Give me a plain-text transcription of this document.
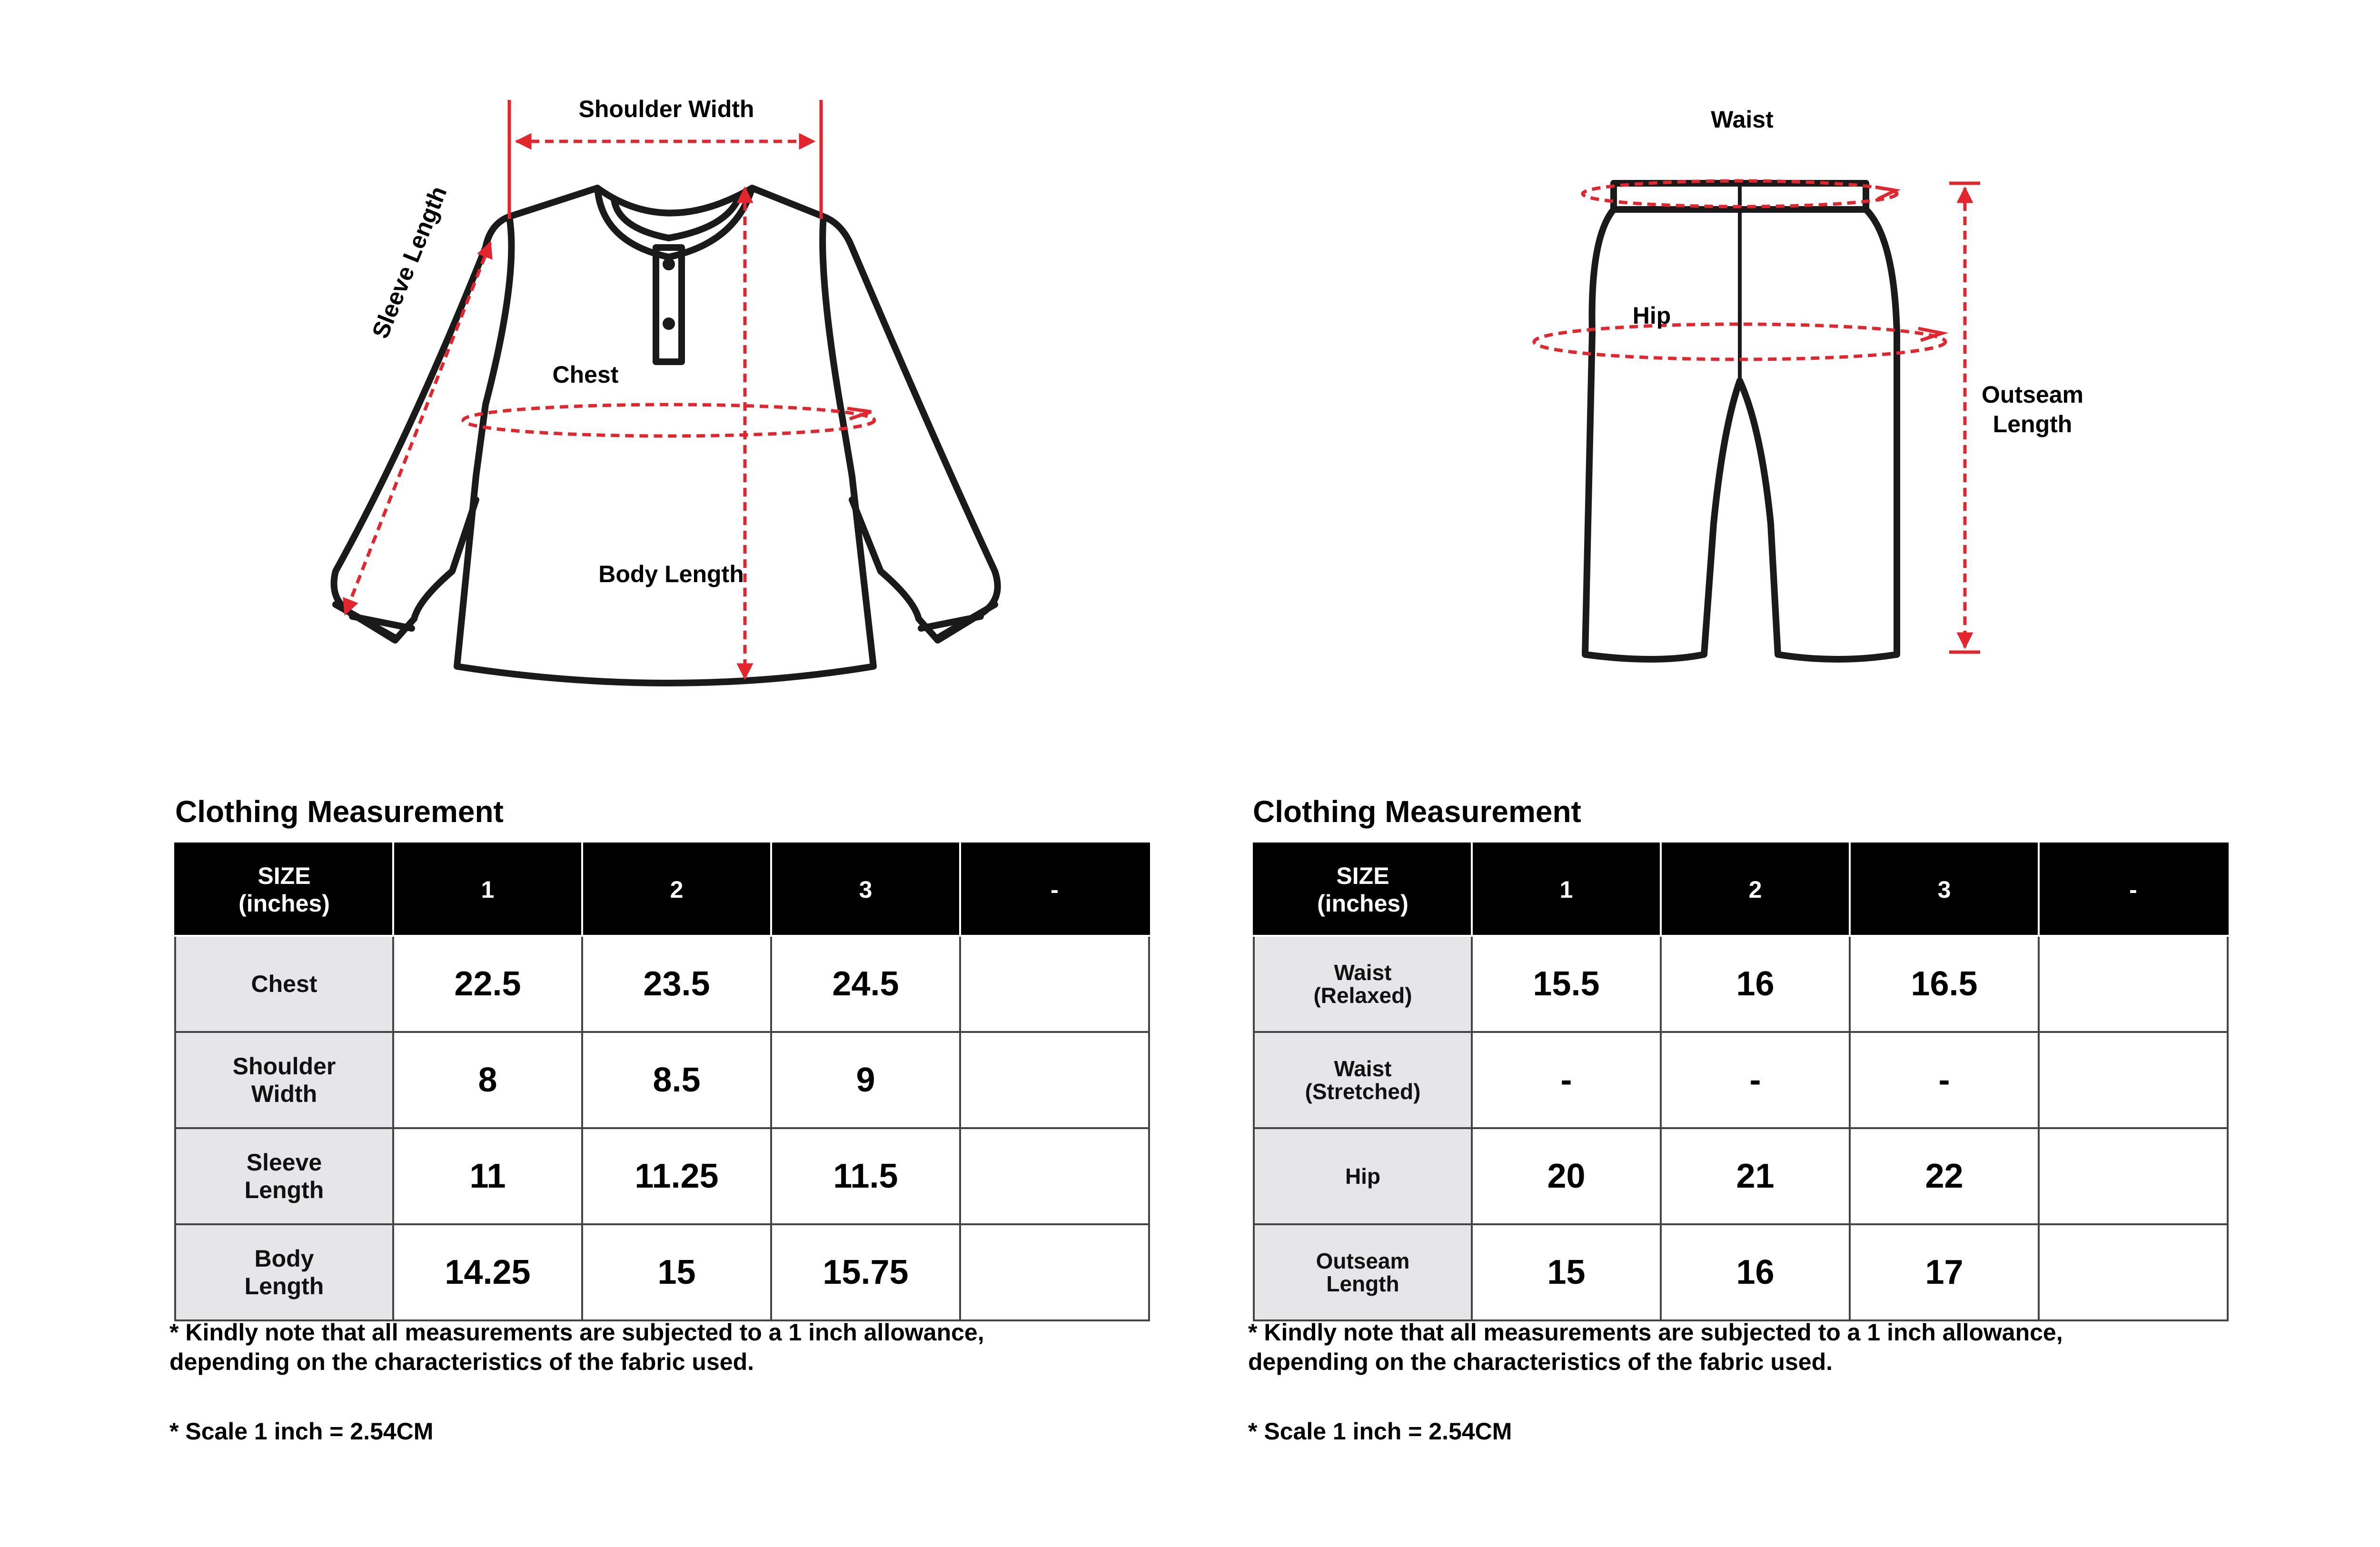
Shoulder Width
Sleeve Length
Chest
Body Length
Waist
Hip
Outseam
Length
Clothing Measurement
SIZE
(inches)	1	2	3	-
Chest	22.5	23.5	24.5	
Shoulder
Width	8	8.5	9	
Sleeve
Length	11	11.25	11.5	
Body
Length	14.25	15	15.75	
* Kindly note that all measurements are subjected to a 1 inch allowance,
depending on the characteristics of the fabric used.
* Scale 1 inch = 2.54CM
Clothing Measurement
SIZE
(inches)	1	2	3	-
Waist
(Relaxed)	15.5	16	16.5	
Waist
(Stretched)	-	-	-	
Hip	20	21	22	
Outseam
Length	15	16	17	
* Kindly note that all measurements are subjected to a 1 inch allowance,
depending on the characteristics of the fabric used.
* Scale 1 inch = 2.54CM
